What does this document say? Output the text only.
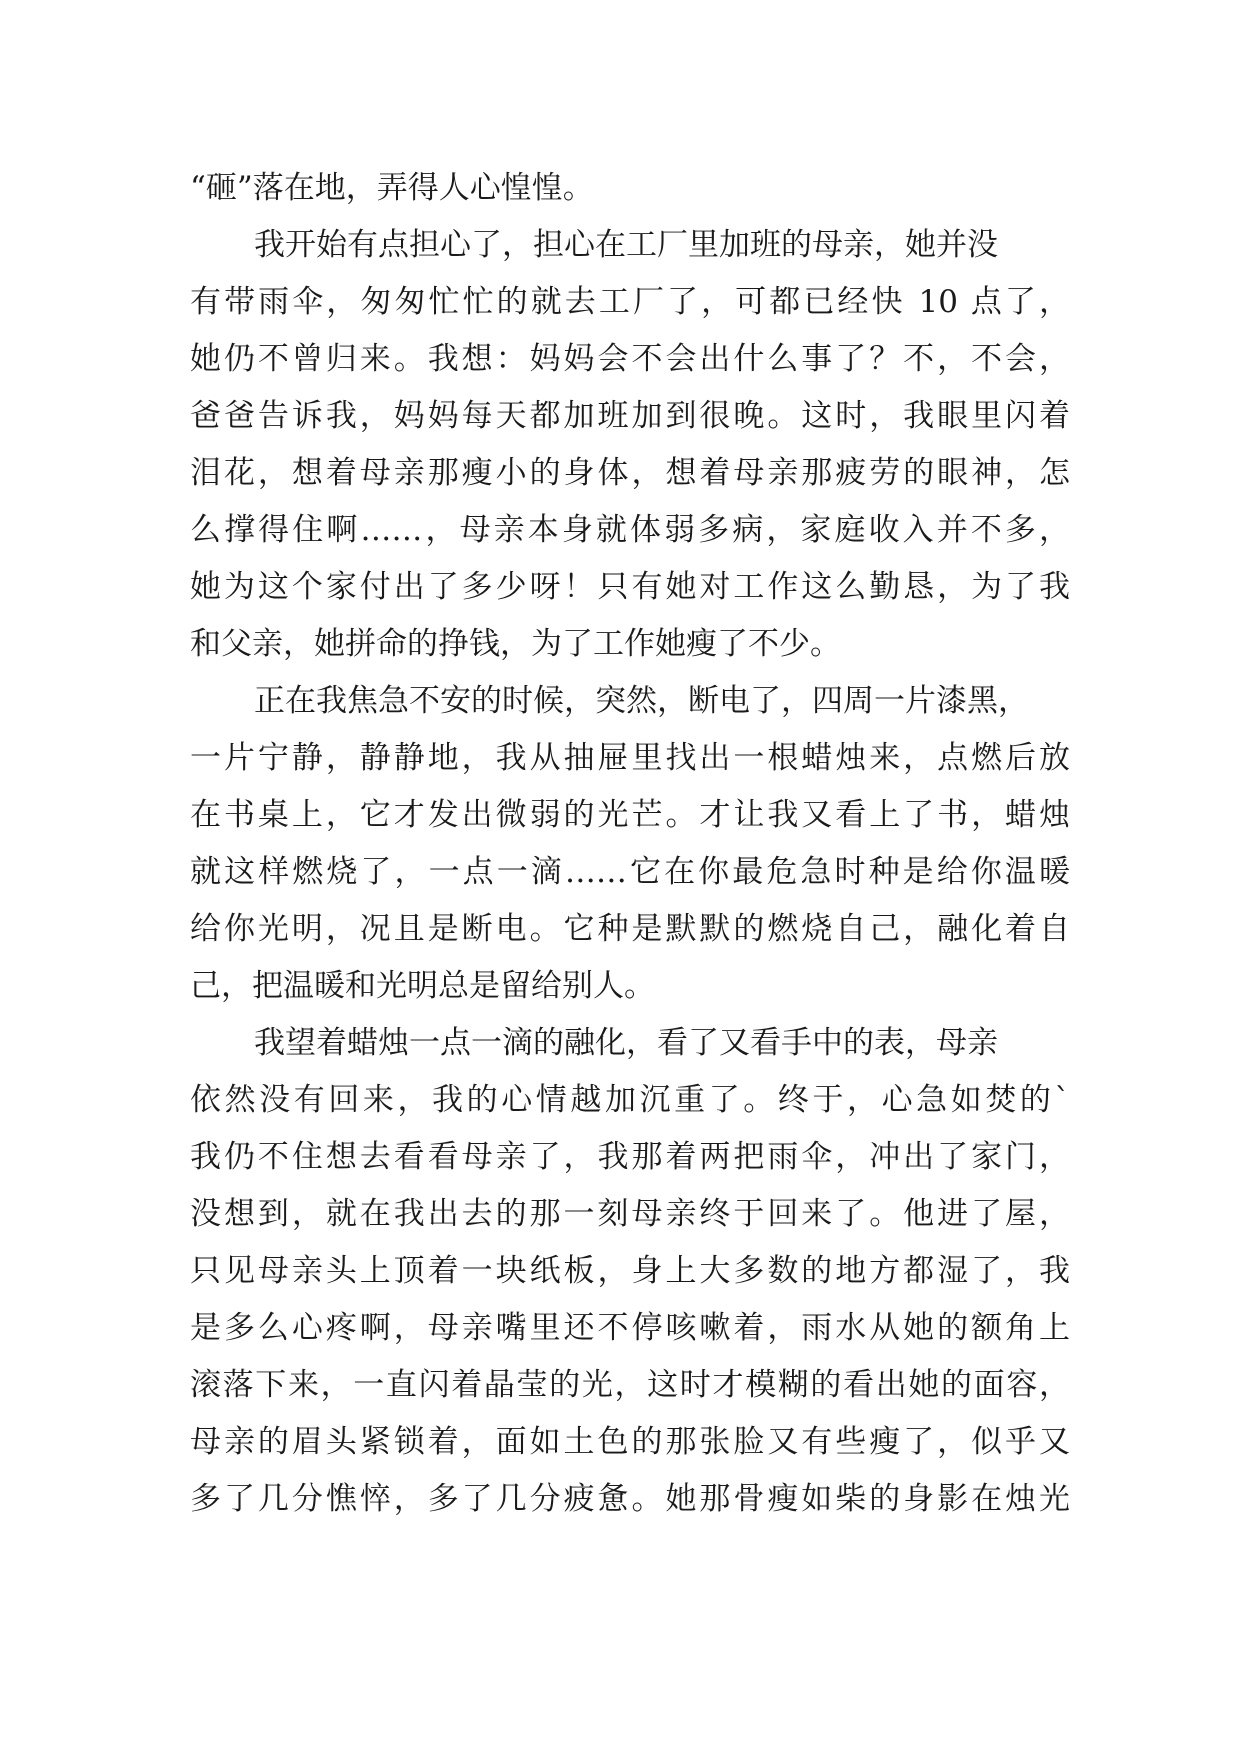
“砸”落在地，弄得人心惶惶。
我开始有点担心了，担心在工厂里加班的母亲，她并没
有带雨伞，匆匆忙忙的就去工厂了，可都已经快 10 点了，
她仍不曾归来。我想：妈妈会不会出什么事了？不，不会，
爸爸告诉我，妈妈每天都加班加到很晚。这时，我眼里闪着
泪花，想着母亲那瘦小的身体，想着母亲那疲劳的眼神，怎
么撑得住啊……，母亲本身就体弱多病，家庭收入并不多，
她为这个家付出了多少呀！只有她对工作这么勤恳，为了我
和父亲，她拼命的挣钱，为了工作她瘦了不少。
正在我焦急不安的时候，突然，断电了，四周一片漆黑，
一片宁静，静静地，我从抽屉里找出一根蜡烛来，点燃后放
在书桌上，它才发出微弱的光芒。才让我又看上了书，蜡烛
就这样燃烧了，一点一滴……它在你最危急时种是给你温暖
给你光明，况且是断电。它种是默默的燃烧自己，融化着自
己，把温暖和光明总是留给别人。
我望着蜡烛一点一滴的融化，看了又看手中的表，母亲
依然没有回来，我的心情越加沉重了。终于，心急如焚的`
我仍不住想去看看母亲了，我那着两把雨伞，冲出了家门，
没想到，就在我出去的那一刻母亲终于回来了。他进了屋，
只见母亲头上顶着一块纸板，身上大多数的地方都湿了，我
是多么心疼啊，母亲嘴里还不停咳嗽着，雨水从她的额角上
滚落下来，一直闪着晶莹的光，这时才模糊的看出她的面容，
母亲的眉头紧锁着，面如土色的那张脸又有些瘦了，似乎又
多了几分憔悴，多了几分疲惫。她那骨瘦如柴的身影在烛光
